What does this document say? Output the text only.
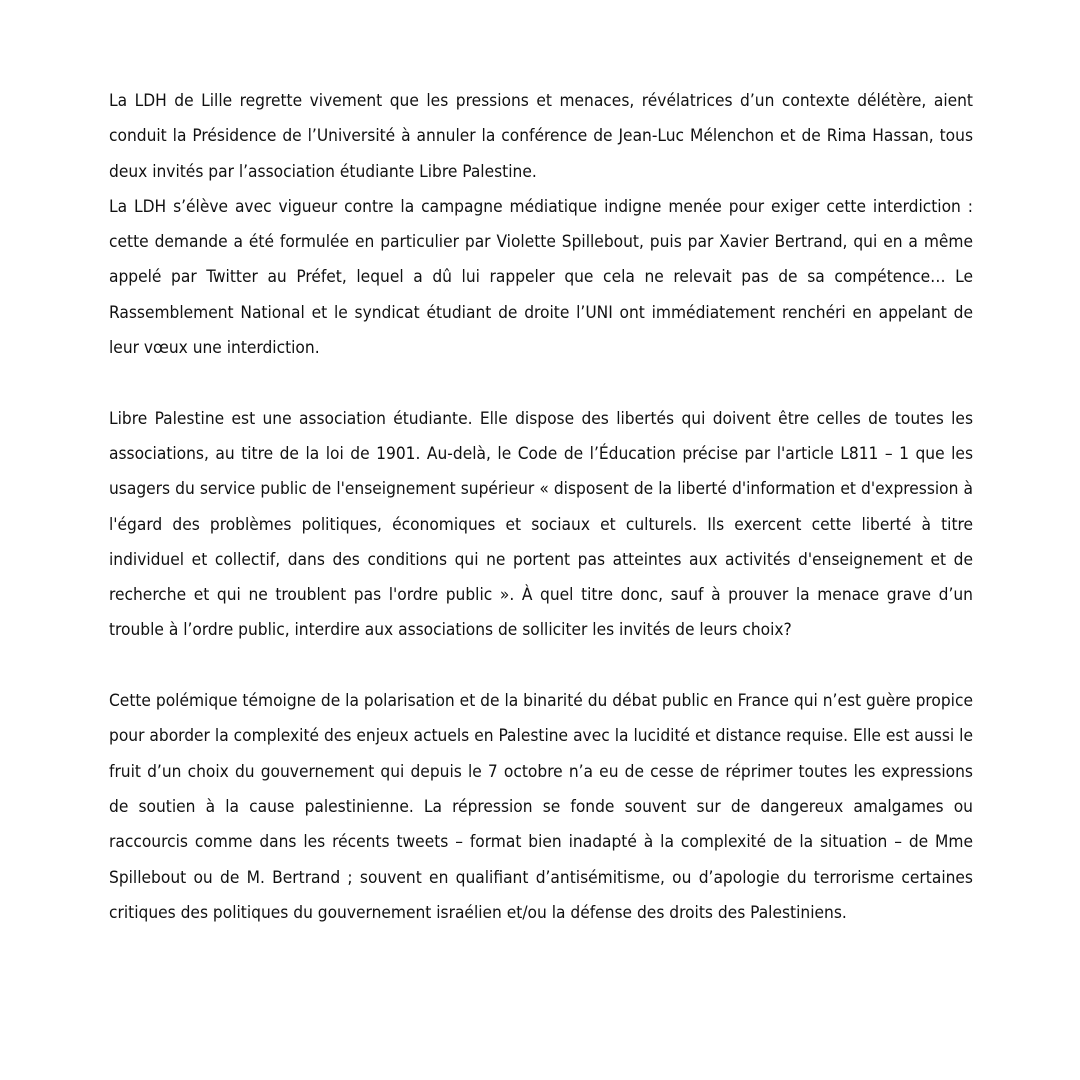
La LDH de Lille regrette vivement que les pressions et menaces, révélatrices d’un contexte délétère, aient conduit la Présidence de l’Université à annuler la conférence de Jean-Luc Mélenchon et de Rima Hassan, tous deux invités par l’association étudiante Libre Palestine.

La LDH s’élève avec vigueur contre la campagne médiatique indigne menée pour exiger cette interdiction : cette demande a été formulée en particulier par Violette Spillebout, puis par Xavier Bertrand, qui en a même appelé par Twitter au Préfet, lequel a dû lui rappeler que cela ne relevait pas de sa compétence… Le Rassemblement National et le syndicat étudiant de droite l’UNI ont immédiatement renchéri en appelant de leur vœux une interdiction.

Libre Palestine est une association étudiante. Elle dispose des libertés qui doivent être celles de toutes les associations, au titre de la loi de 1901. Au-delà, le Code de l’Éducation précise par l'article L811 – 1 que les usagers du service public de l'enseignement supérieur « disposent de la liberté d'information et d'expression à l'égard des problèmes politiques, économiques et sociaux et culturels. Ils exercent cette liberté à titre individuel et collectif, dans des conditions qui ne portent pas atteintes aux activités d'enseignement et de recherche et qui ne troublent pas l'ordre public ». À quel titre donc, sauf à prouver la menace grave d’un trouble à l’ordre public, interdire aux associations de solliciter les invités de leurs choix?

Cette polémique témoigne de la polarisation et de la binarité du débat public en France qui n’est guère propice pour aborder la complexité des enjeux actuels en Palestine avec la lucidité et distance requise. Elle est aussi le fruit d’un choix du gouvernement qui depuis le 7 octobre n’a eu de cesse de réprimer toutes les expressions de soutien à la cause palestinienne. La répression se fonde souvent sur de dangereux amalgames ou raccourcis comme dans les récents tweets – format bien inadapté à la complexité de la situation – de Mme Spillebout ou de M. Bertrand ; souvent en qualifiant d’antisémitisme, ou d’apologie du terrorisme certaines critiques des politiques du gouvernement israélien et/ou la défense des droits des Palestiniens.
